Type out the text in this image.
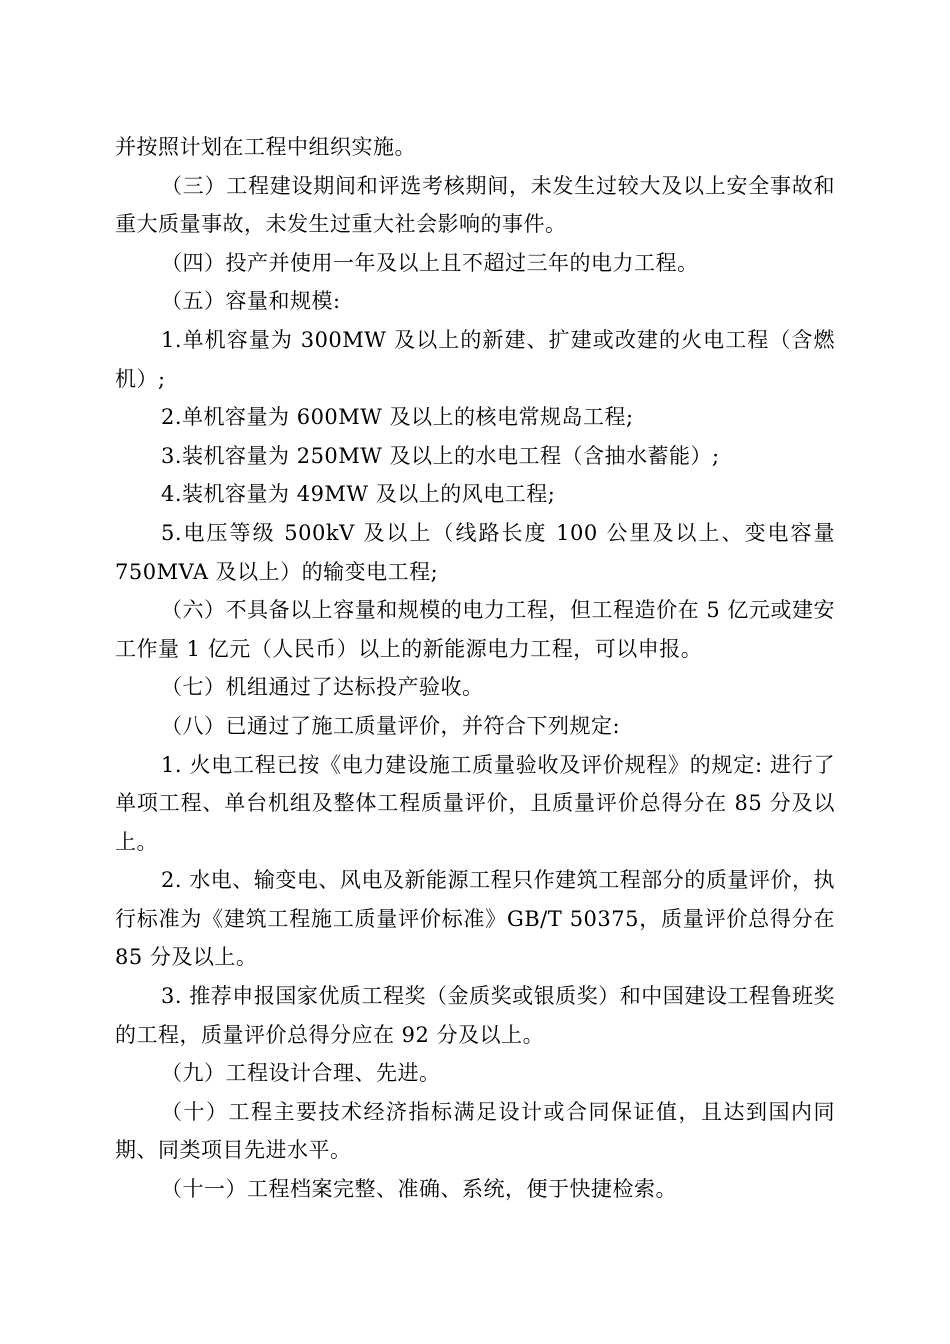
并按照计划在工程中组织实施。

（三）工程建设期间和评选考核期间，未发生过较大及以上安全事故和重大质量事故，未发生过重大社会影响的事件。

（四）投产并使用一年及以上且不超过三年的电力工程。

（五）容量和规模:

1.单机容量为 300MW 及以上的新建、扩建或改建的火电工程（含燃机）;

2.单机容量为 600MW 及以上的核电常规岛工程;

3.装机容量为 250MW 及以上的水电工程（含抽水蓄能）;

4.装机容量为 49MW 及以上的风电工程;

5.电压等级 500kV 及以上（线路长度 100 公里及以上、变电容量750MVA 及以上）的输变电工程;

（六）不具备以上容量和规模的电力工程，但工程造价在 5 亿元或建安工作量 1 亿元（人民币）以上的新能源电力工程，可以申报。

（七）机组通过了达标投产验收。

（八）已通过了施工质量评价，并符合下列规定:

1. 火电工程已按《电力建设施工质量验收及评价规程》的规定: 进行了单项工程、单台机组及整体工程质量评价，且质量评价总得分在 85 分及以上。

2. 水电、输变电、风电及新能源工程只作建筑工程部分的质量评价，执行标准为《建筑工程施工质量评价标准》GB/T 50375，质量评价总得分在 85 分及以上。

3. 推荐申报国家优质工程奖（金质奖或银质奖）和中国建设工程鲁班奖的工程，质量评价总得分应在 92 分及以上。

（九）工程设计合理、先进。

（十）工程主要技术经济指标满足设计或合同保证值，且达到国内同期、同类项目先进水平。

（十一）工程档案完整、准确、系统，便于快捷检索。
